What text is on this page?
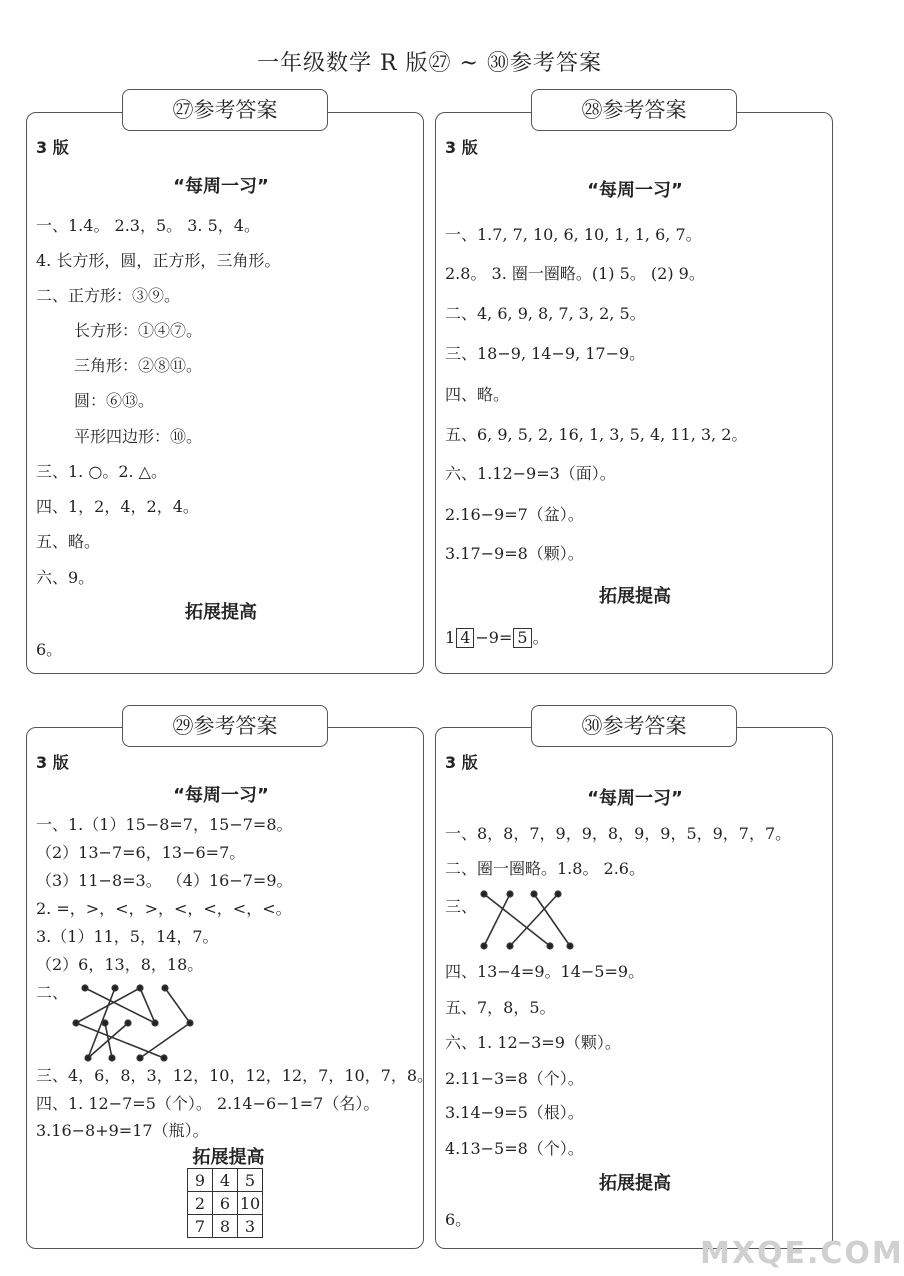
一年级数学 R 版㉗ ~ ㉚参考答案
㉗参考答案
3 版
“每周一习”
一、1.4。 2.3，5。 3. 5，4。
4. 长方形，圆，正方形，三角形。
二、正方形：③⑨。
长方形：①④⑦。
三角形：②⑧⑪。
圆：⑥⑬。
平形四边形：⑩。
三、1. ○。2. △。
四、1，2，4，2，4。
五、略。
六、9。
拓展提高
6。
㉘参考答案
3 版
“每周一习”
一、1.7, 7, 10, 6, 10, 1, 1, 6, 7。
2.8。 3. 圈一圈略。(1) 5。 (2) 9。
二、4, 6, 9, 8, 7, 3, 2, 5。
三、18−9, 14−9, 17−9。
四、略。
五、6, 9, 5, 2, 16, 1, 3, 5, 4, 11, 3, 2。
六、1.12−9=3（面）。
2.16−9=7（盆）。
3.17−9=8（颗）。
拓展提高
1 4 −9= 5 。
㉙参考答案
3 版
“每周一习”
一、1.（1）15−8=7，15−7=8。
（2）13−7=6，13−6=7。
（3）11−8=3。 （4）16−7=9。
2. =，>，<，>，<，<，<，<。
3.（1）11，5，14，7。
（2）6，13，8，18。
二、
三、4，6，8，3，12，10，12，12，7，10，7，8。
四、1. 12−7=5（个）。 2.14−6−1=7（名）。
3.16−8+9=17（瓶）。
拓展提高
9	4	5
2	6	10
7	8	3
㉚参考答案
3 版
“每周一习”
一、8，8，7，9，9，8，9，9，5，9，7，7。
二、圈一圈略。1.8。 2.6。
三、
四、13−4=9。14−5=9。
五、7，8，5。
六、1. 12−3=9（颗）。
2.11−3=8（个）。
3.14−9=5（根）。
4.13−5=8（个）。
拓展提高
6。
MXQE.COM
